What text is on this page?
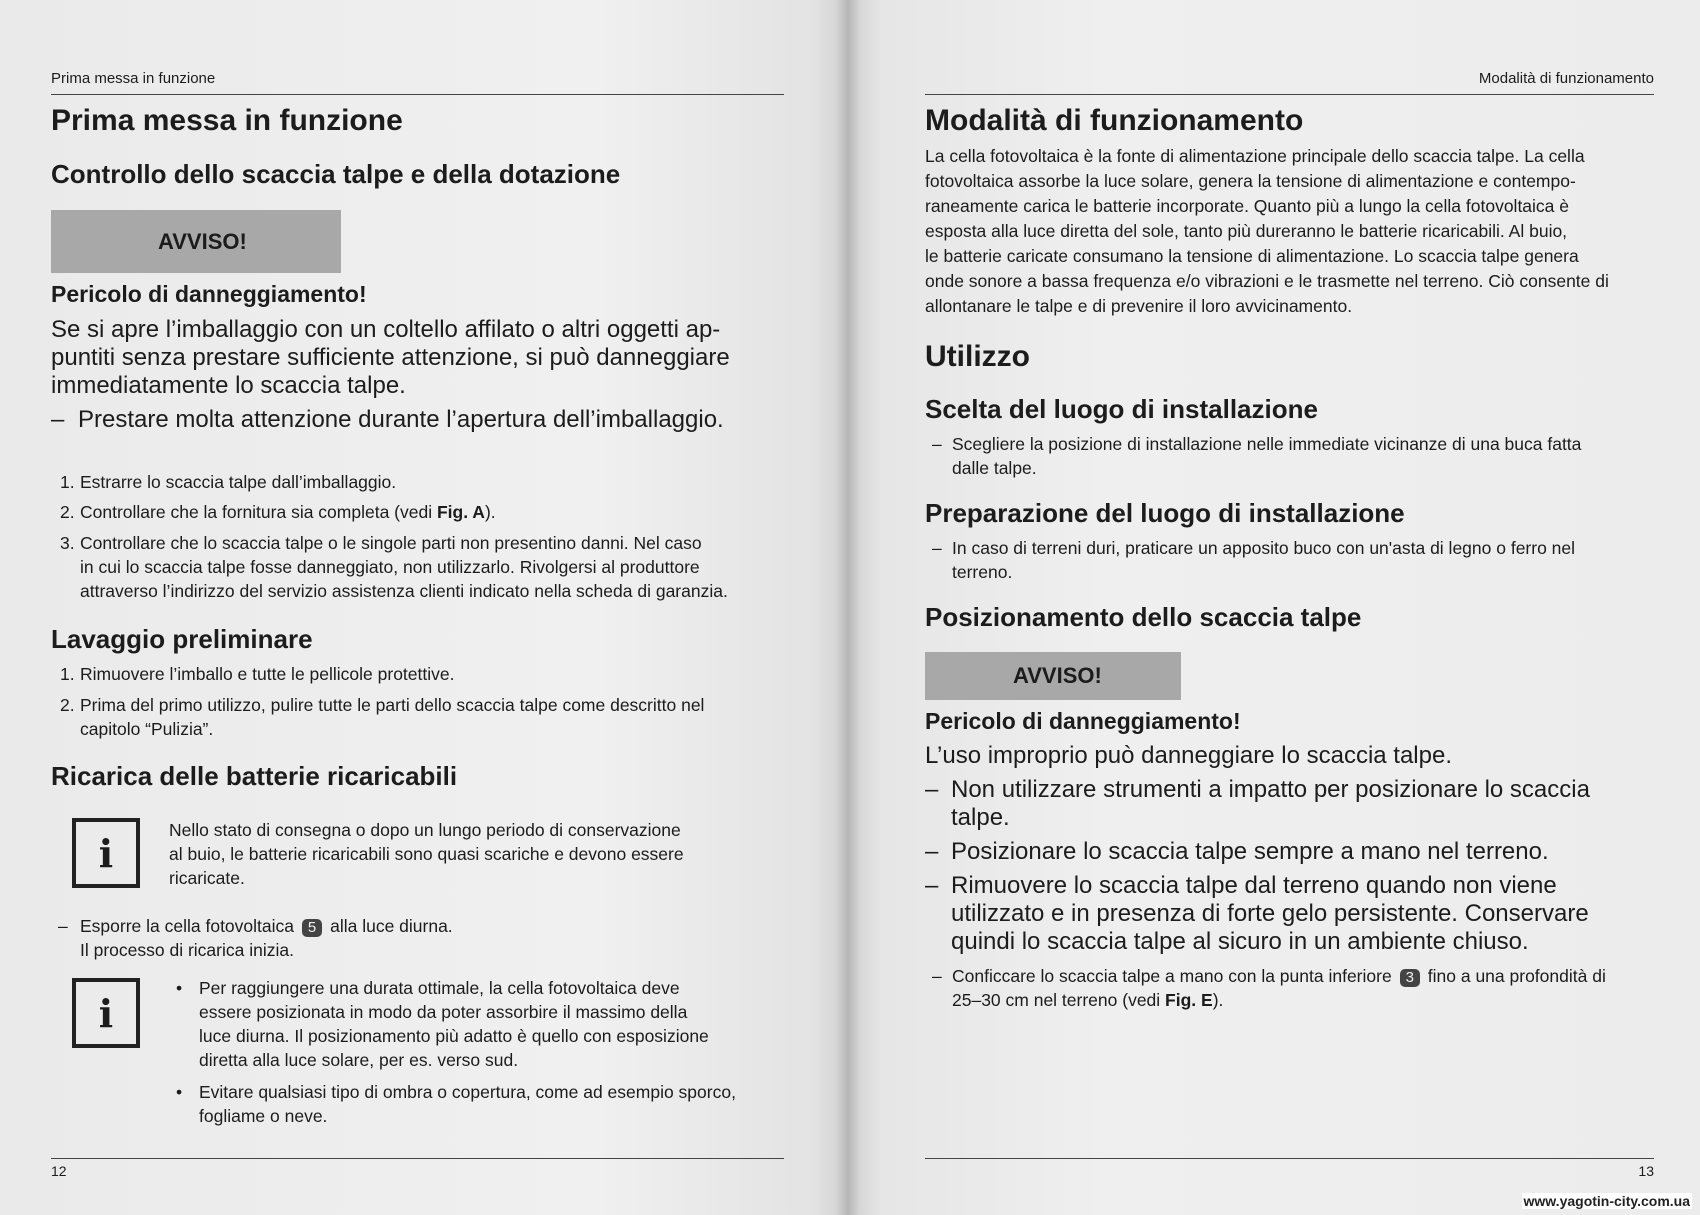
Prima messa in funzione
Prima messa in funzione
Controllo dello scaccia talpe e della dotazione
AVVISO!
Pericolo di danneggiamento!
Se si apre l’imballaggio con un coltello affilato o altri oggetti ap-
puntiti senza prestare sufficiente attenzione, si può danneggiare
immediatamente lo scaccia talpe.
– Prestare molta attenzione durante l’apertura dell’imballaggio.
1. Estrarre lo scaccia talpe dall’imballaggio.
2. Controllare che la fornitura sia completa (vedi Fig. A).
3. Controllare che lo scaccia talpe o le singole parti non presentino danni. Nel caso
in cui lo scaccia talpe fosse danneggiato, non utilizzarlo. Rivolgersi al produttore
attraverso l’indirizzo del servizio assistenza clienti indicato nella scheda di garanzia.
Lavaggio preliminare
1. Rimuovere l’imballo e tutte le pellicole protettive.
2. Prima del primo utilizzo, pulire tutte le parti dello scaccia talpe come descritto nel
capitolo “Pulizia”.
Ricarica delle batterie ricaricabili
i
Nello stato di consegna o dopo un lungo periodo di conservazione
al buio, le batterie ricaricabili sono quasi scariche e devono essere
ricaricate.
– Esporre la cella fotovoltaica 5 alla luce diurna.
Il processo di ricarica inizia.
i
• Per raggiungere una durata ottimale, la cella fotovoltaica deve
essere posizionata in modo da poter assorbire il massimo della
luce diurna. Il posizionamento più adatto è quello con esposizione
diretta alla luce solare, per es. verso sud.
• Evitare qualsiasi tipo di ombra o copertura, come ad esempio sporco,
fogliame o neve.
12
Modalità di funzionamento
Modalità di funzionamento
La cella fotovoltaica è la fonte di alimentazione principale dello scaccia talpe. La cella
fotovoltaica assorbe la luce solare, genera la tensione di alimentazione e contempo-
raneamente carica le batterie incorporate. Quanto più a lungo la cella fotovoltaica è
esposta alla luce diretta del sole, tanto più dureranno le batterie ricaricabili. Al buio,
le batterie caricate consumano la tensione di alimentazione. Lo scaccia talpe genera
onde sonore a bassa frequenza e/o vibrazioni e le trasmette nel terreno. Ciò consente di
allontanare le talpe e di prevenire il loro avvicinamento.
Utilizzo
Scelta del luogo di installazione
– Scegliere la posizione di installazione nelle immediate vicinanze di una buca fatta
dalle talpe.
Preparazione del luogo di installazione
– In caso di terreni duri, praticare un apposito buco con un'asta di legno o ferro nel
terreno.
Posizionamento dello scaccia talpe
AVVISO!
Pericolo di danneggiamento!
L’uso improprio può danneggiare lo scaccia talpe.
– Non utilizzare strumenti a impatto per posizionare lo scaccia
talpe.
– Posizionare lo scaccia talpe sempre a mano nel terreno.
– Rimuovere lo scaccia talpe dal terreno quando non viene
utilizzato e in presenza di forte gelo persistente. Conservare
quindi lo scaccia talpe al sicuro in un ambiente chiuso.
– Conficcare lo scaccia talpe a mano con la punta inferiore 3 fino a una profondità di
25–30 cm nel terreno (vedi Fig. E).
13
www.yagotin-city.com.ua
